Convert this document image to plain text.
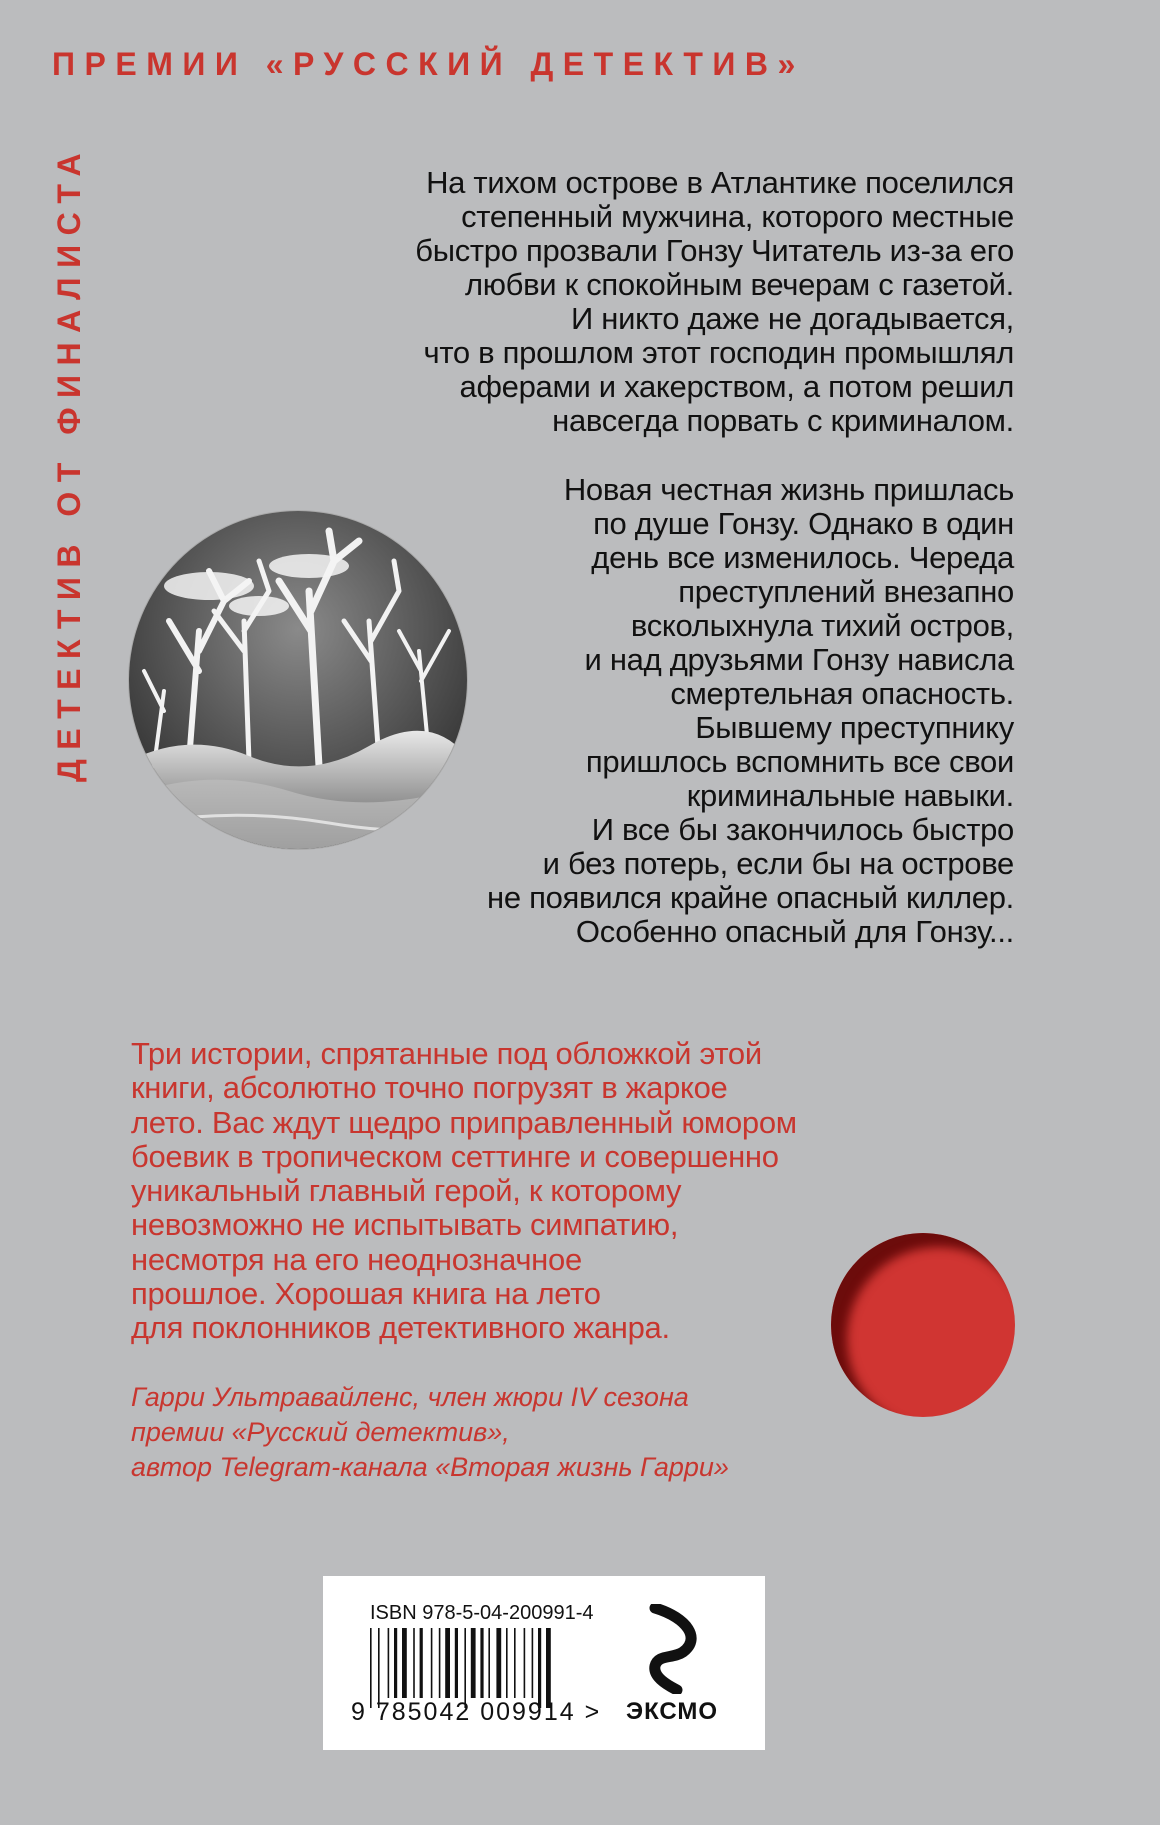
ПРЕМИИ «РУССКИЙ ДЕТЕКТИВ»
ДЕТЕКТИВ ОТ ФИНАЛИСТА	На тихом острове в Атлантике поселился
степенный мужчина, которого местные
быстро прозвали Гонзу Читатель из-за его
любви к спокойным вечерам с газетой.
И никто даже не догадывается,
что в прошлом этот господин промышлял
аферами и хакерством, а потом решил
навсегда порвать с криминалом.
Новая честная жизнь пришлась
по душе Гонзу. Однако в один
день все изменилось. Череда
преступлений внезапно
всколыхнула тихий остров,
и над друзьями Гонзу нависла
смертельная опасность.
Бывшему преступнику
пришлось вспомнить все свои
криминальные навыки.
И все бы закончилось быстро
и без потерь, если бы на острове
не появился крайне опасный киллер.
Особенно опасный для Гонзу...
Три истории, спрятанные под обложкой этой
книги, абсолютно точно погрузят в жаркое
лето. Вас ждут щедро приправленный юмором
боевик в тропическом сеттинге и совершенно
уникальный главный герой, к которому
невозможно не испытывать симпатию,
несмотря на его неоднозначное
прошлое. Хорошая книга на лето
для поклонников детективного жанра.
Гарри Ультравайленс, член жюри IV сезона
премии «Русский детектив»,
автор Telegram-канала «Вторая жизнь Гарри»
ISBN 978-5-04-200991-4
9 785042 009914 > ЭКСМО
